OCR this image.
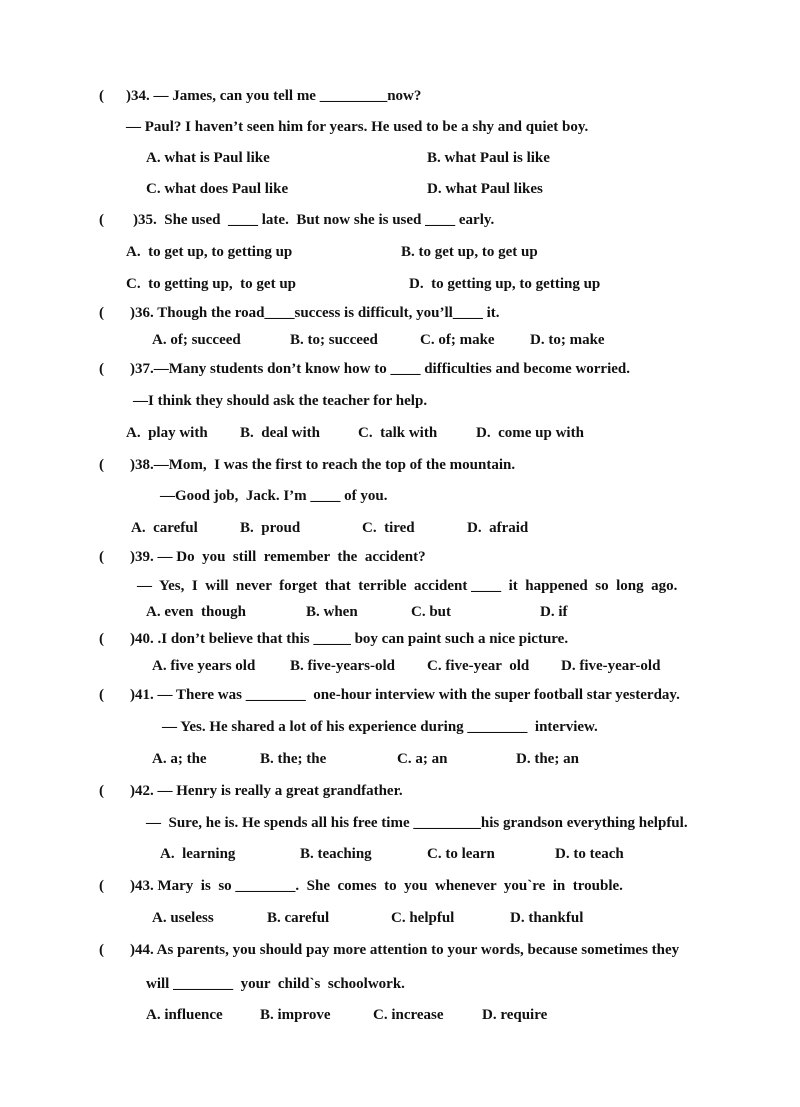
( )34. — James, can you tell me _________now?
— Paul? I haven’t seen him for years. He used to be a shy and quiet boy.
A. what is Paul like	B. what Paul is like
C. what does Paul like	D. what Paul likes
( )35.  She used  ____ late.  But now she is used ____ early.
A.  to get up, to getting up	B. to get up, to get up
C.  to getting up,  to get up	D.  to getting up, to getting up
( )36. Though the road____success is difficult, you’ll____ it.
A. of; succeed	B. to; succeed	C. of; make D. to; make
( )37.—Many students don’t know how to ____ difficulties and become worried.
—I think they should ask the teacher for help.
A.  play with B.  deal with	C.  talk with	D.  come up with
( )38.—Mom,  I was the first to reach the top of the mountain.
—Good job,  Jack. I’m ____ of you.
A.  careful	B.  proud	C.  tired	D.  afraid
( )39. — Do  you  still  remember  the  accident?
—  Yes,  I  will  never  forget  that  terrible  accident ____  it  happened  so  long  ago.
A. even  though	B. when	C. but	D. if
( )40. .I don’t believe that this _____ boy can paint such a nice picture.
A. five years old B. five-years-old C. five-year  old D. five-year-old
( )41. — There was ________  one-hour interview with the super football star yesterday.
— Yes. He shared a lot of his experience during ________  interview.
A. a; the	B. the; the	C. a; an	D. the; an
( )42. — Henry is really a great grandfather.
—  Sure, he is. He spends all his free time _________his grandson everything helpful.
A.  learning	B. teaching	C. to learn	D. to teach
( )43. Mary  is  so ________.  She  comes  to  you  whenever  you`re  in  trouble.
A. useless	B. careful	C. helpful	D. thankful
( )44. As parents, you should pay more attention to your words, because sometimes they
will ________  your  child`s  schoolwork.
A. influence B. improve	C. increase	D. require
